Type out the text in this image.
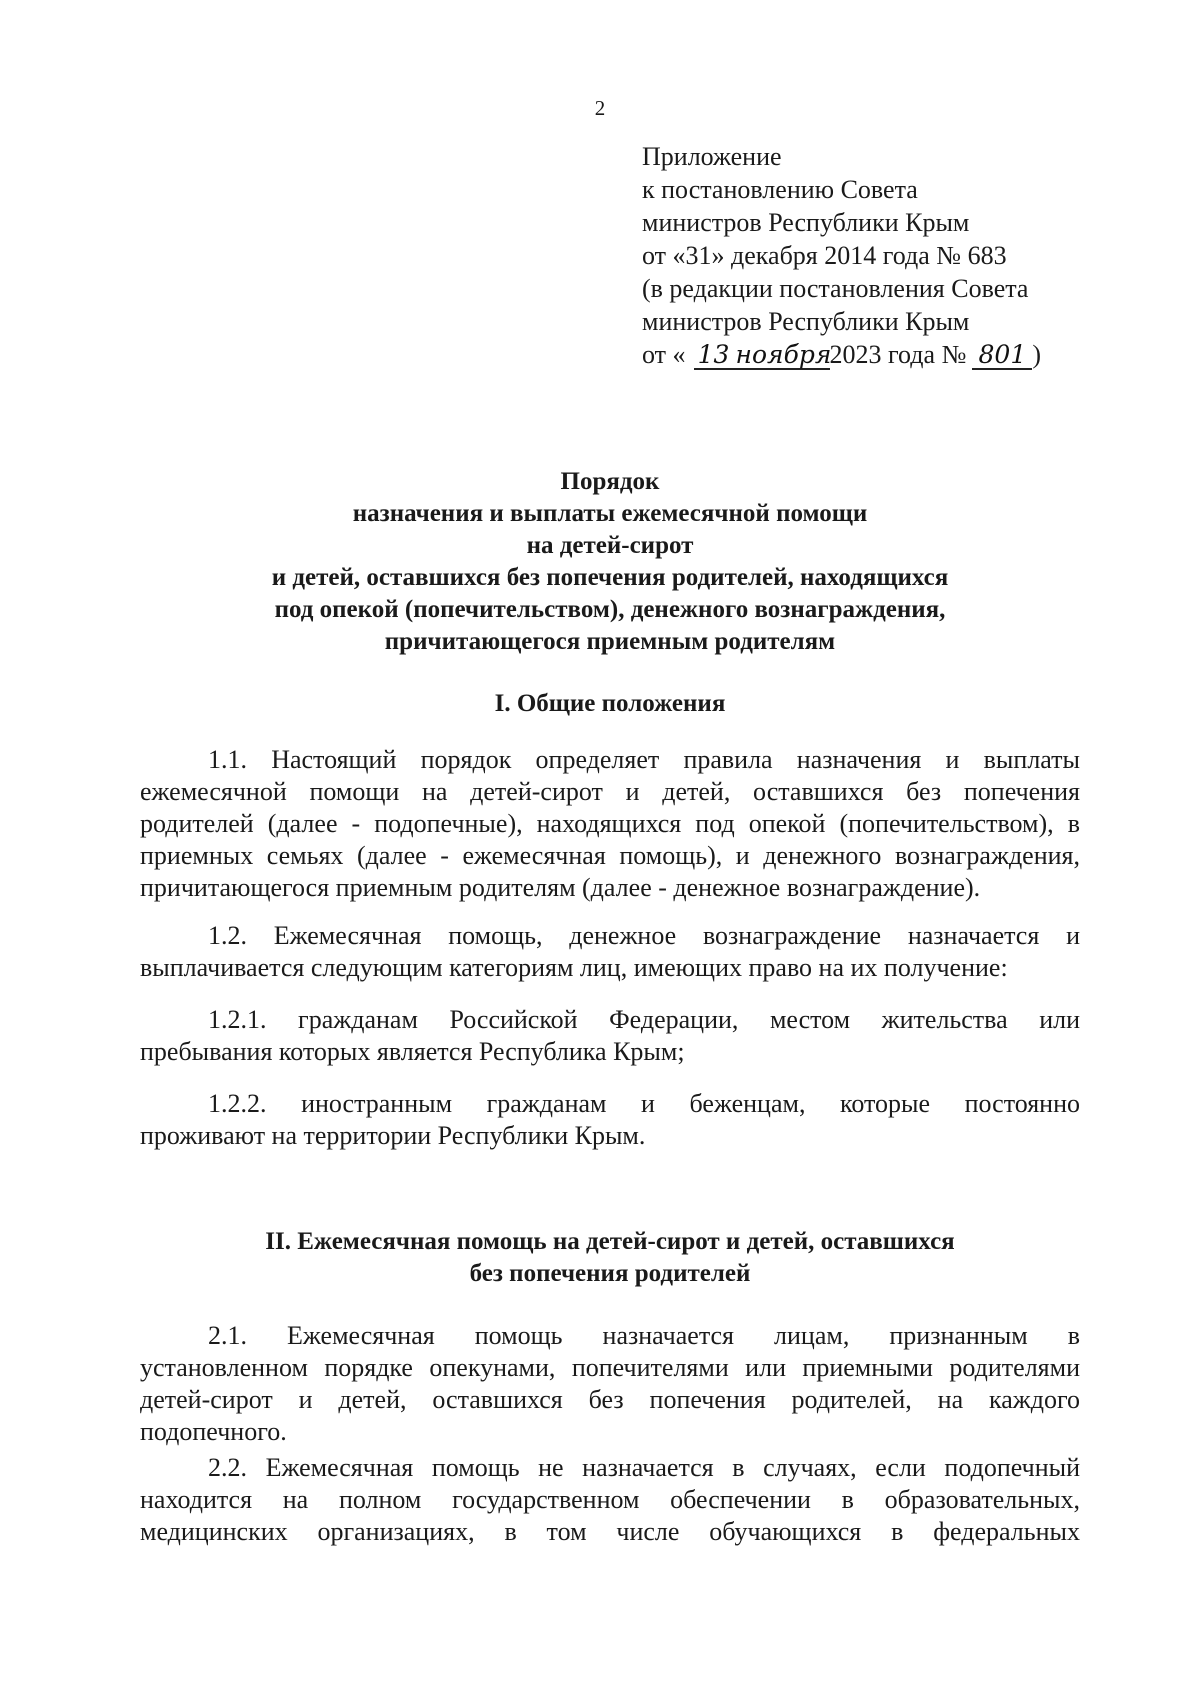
2
Приложение
к постановлению Совета
министров Республики Крым
от «31» декабря 2014 года № 683
(в редакции постановления Совета
министров Республики Крым
от « 13 ноября2023 года № 801 )
Порядок
назначения и выплаты ежемесячной помощи
на детей-сирот
и детей, оставшихся без попечения родителей, находящихся
под опекой (попечительством), денежного вознаграждения,
причитающегося приемным родителям
I. Общие положения
1.1. Настоящий порядок определяет правила назначения и выплаты
ежемесячной помощи на детей-сирот и детей, оставшихся без попечения
родителей (далее - подопечные), находящихся под опекой (попечительством), в
приемных семьях (далее - ежемесячная помощь), и денежного вознаграждения,
причитающегося приемным родителям (далее - денежное вознаграждение).
1.2. Ежемесячная помощь, денежное вознаграждение назначается и
выплачивается следующим категориям лиц, имеющих право на их получение:
1.2.1. гражданам Российской Федерации, местом жительства или
пребывания которых является Республика Крым;
1.2.2. иностранным гражданам и беженцам, которые постоянно
проживают на территории Республики Крым.
II. Ежемесячная помощь на детей-сирот и детей, оставшихся
без попечения родителей
2.1. Ежемесячная помощь назначается лицам, признанным в
установленном порядке опекунами, попечителями или приемными родителями
детей-сирот и детей, оставшихся без попечения родителей, на каждого
подопечного.
2.2. Ежемесячная помощь не назначается в случаях, если подопечный
находится на полном государственном обеспечении в образовательных,
медицинских организациях, в том числе обучающихся в федеральных
